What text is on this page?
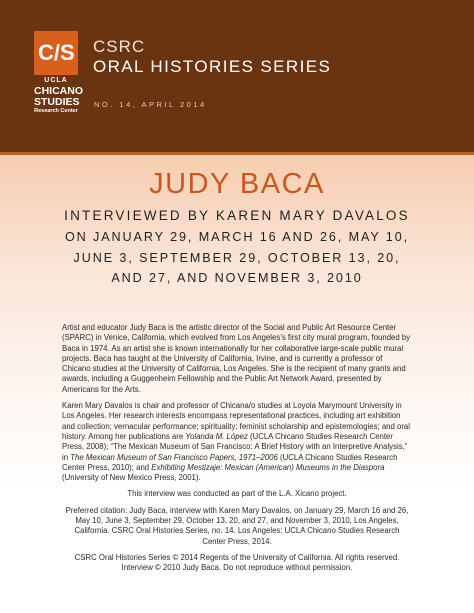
C/S
UCLA
CHICANO
STUDIES
Research Center
CSRC
ORAL HISTORIES SERIES
NO. 14, APRIL 2014
JUDY BACA
INTERVIEWED BY KAREN MARY DAVALOS
ON JANUARY 29, MARCH 16 AND 26, MAY 10,
JUNE 3, SEPTEMBER 29, OCTOBER 13, 20,
AND 27, AND NOVEMBER 3, 2010

Artist and educator Judy Baca is the artistic director of the Social and Public Art Resource Center (SPARC) in Venice, California, which evolved from Los Angeles’s first city mural program, founded by Baca in 1974. As an artist she is known internationally for her collaborative large-scale public mural projects. Baca has taught at the University of California, Irvine, and is currently a professor of Chicano studies at the University of California, Los Angeles. She is the recipient of many grants and awards, including a Guggenheim Fellowship and the Public Art Network Award, presented by Americans for the Arts.

Karen Mary Davalos is chair and professor of Chicana/o studies at Loyola Marymount University in Los Angeles. Her research interests encompass representational practices, including art exhibition and collection; vernacular performance; spirituality; feminist scholarship and epistemologies; and oral history. Among her publications are Yolanda M. López (UCLA Chicano Studies Research Center Press, 2008); “The Mexican Museum of San Francisco: A Brief History with an Interpretive Analysis,” in The Mexican Museum of San Francisco Papers, 1971–2006 (UCLA Chicano Studies Research Center Press, 2010); and Exhibiting Mestizaje: Mexican (American) Museums in the Diaspora (University of New Mexico Press, 2001).

This interview was conducted as part of the L.A. Xicano project.

Preferred citation: Judy Baca, interview with Karen Mary Davalos, on January 29, March 16 and 26, May 10, June 3, September 29, October 13, 20, and 27, and November 3, 2010, Los Angeles, California. CSRC Oral Histories Series, no. 14. Los Angeles: UCLA Chicano Studies Research Center Press, 2014.

CSRC Oral Histories Series © 2014 Regents of the University of California. All rights reserved. Interview © 2010 Judy Baca. Do not reproduce without permission.
